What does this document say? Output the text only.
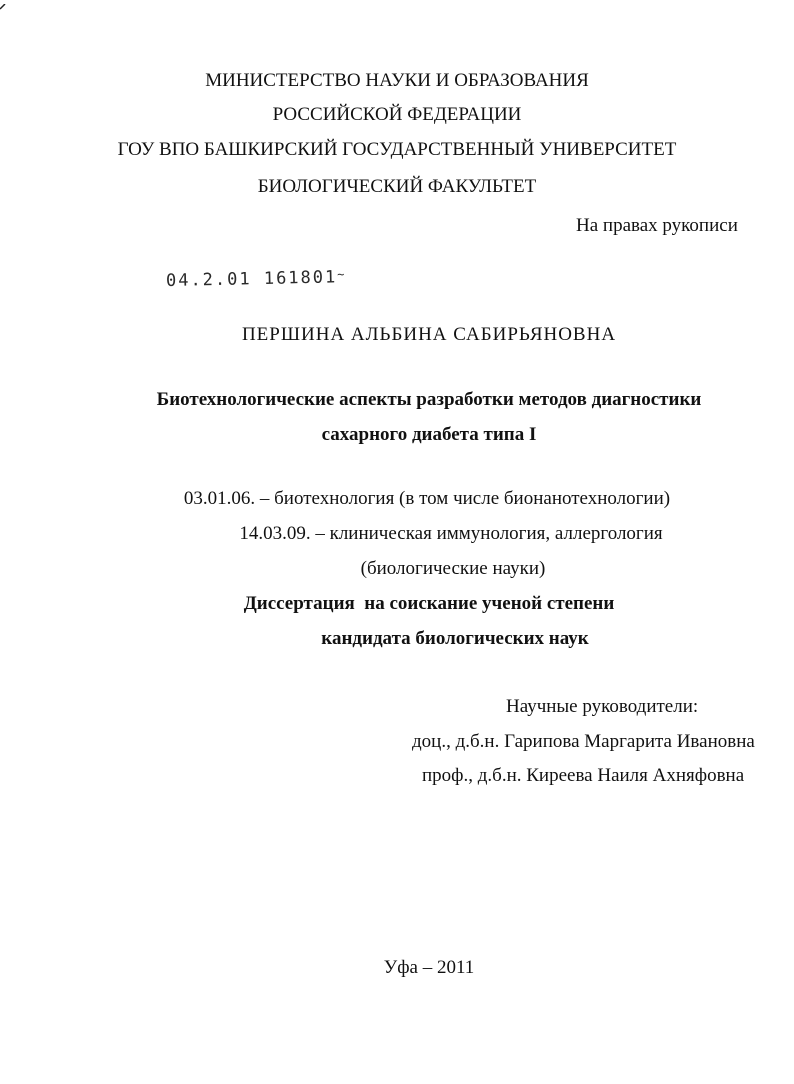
МИНИСТЕРСТВО НАУКИ И ОБРАЗОВАНИЯ
РОССИЙСКОЙ ФЕДЕРАЦИИ
ГОУ ВПО БАШКИРСКИЙ ГОСУДАРСТВЕННЫЙ УНИВЕРСИТЕТ
БИОЛОГИЧЕСКИЙ ФАКУЛЬТЕТ
На правах рукописи
04.2.01 161801~
ПЕРШИНА АЛЬБИНА САБИРЬЯНОВНА
Биотехнологические аспекты разработки методов диагностики
сахарного диабета типа I
03.01.06. – биотехнология (в том числе бионанотехнологии)
14.03.09. – клиническая иммунология, аллергология
(биологические науки)
Диссертация  на соискание ученой степени
кандидата биологических наук
Научные руководители:
доц., д.б.н. Гарипова Маргарита Ивановна
проф., д.б.н. Киреева Наиля Ахняфовна
Уфа – 2011
